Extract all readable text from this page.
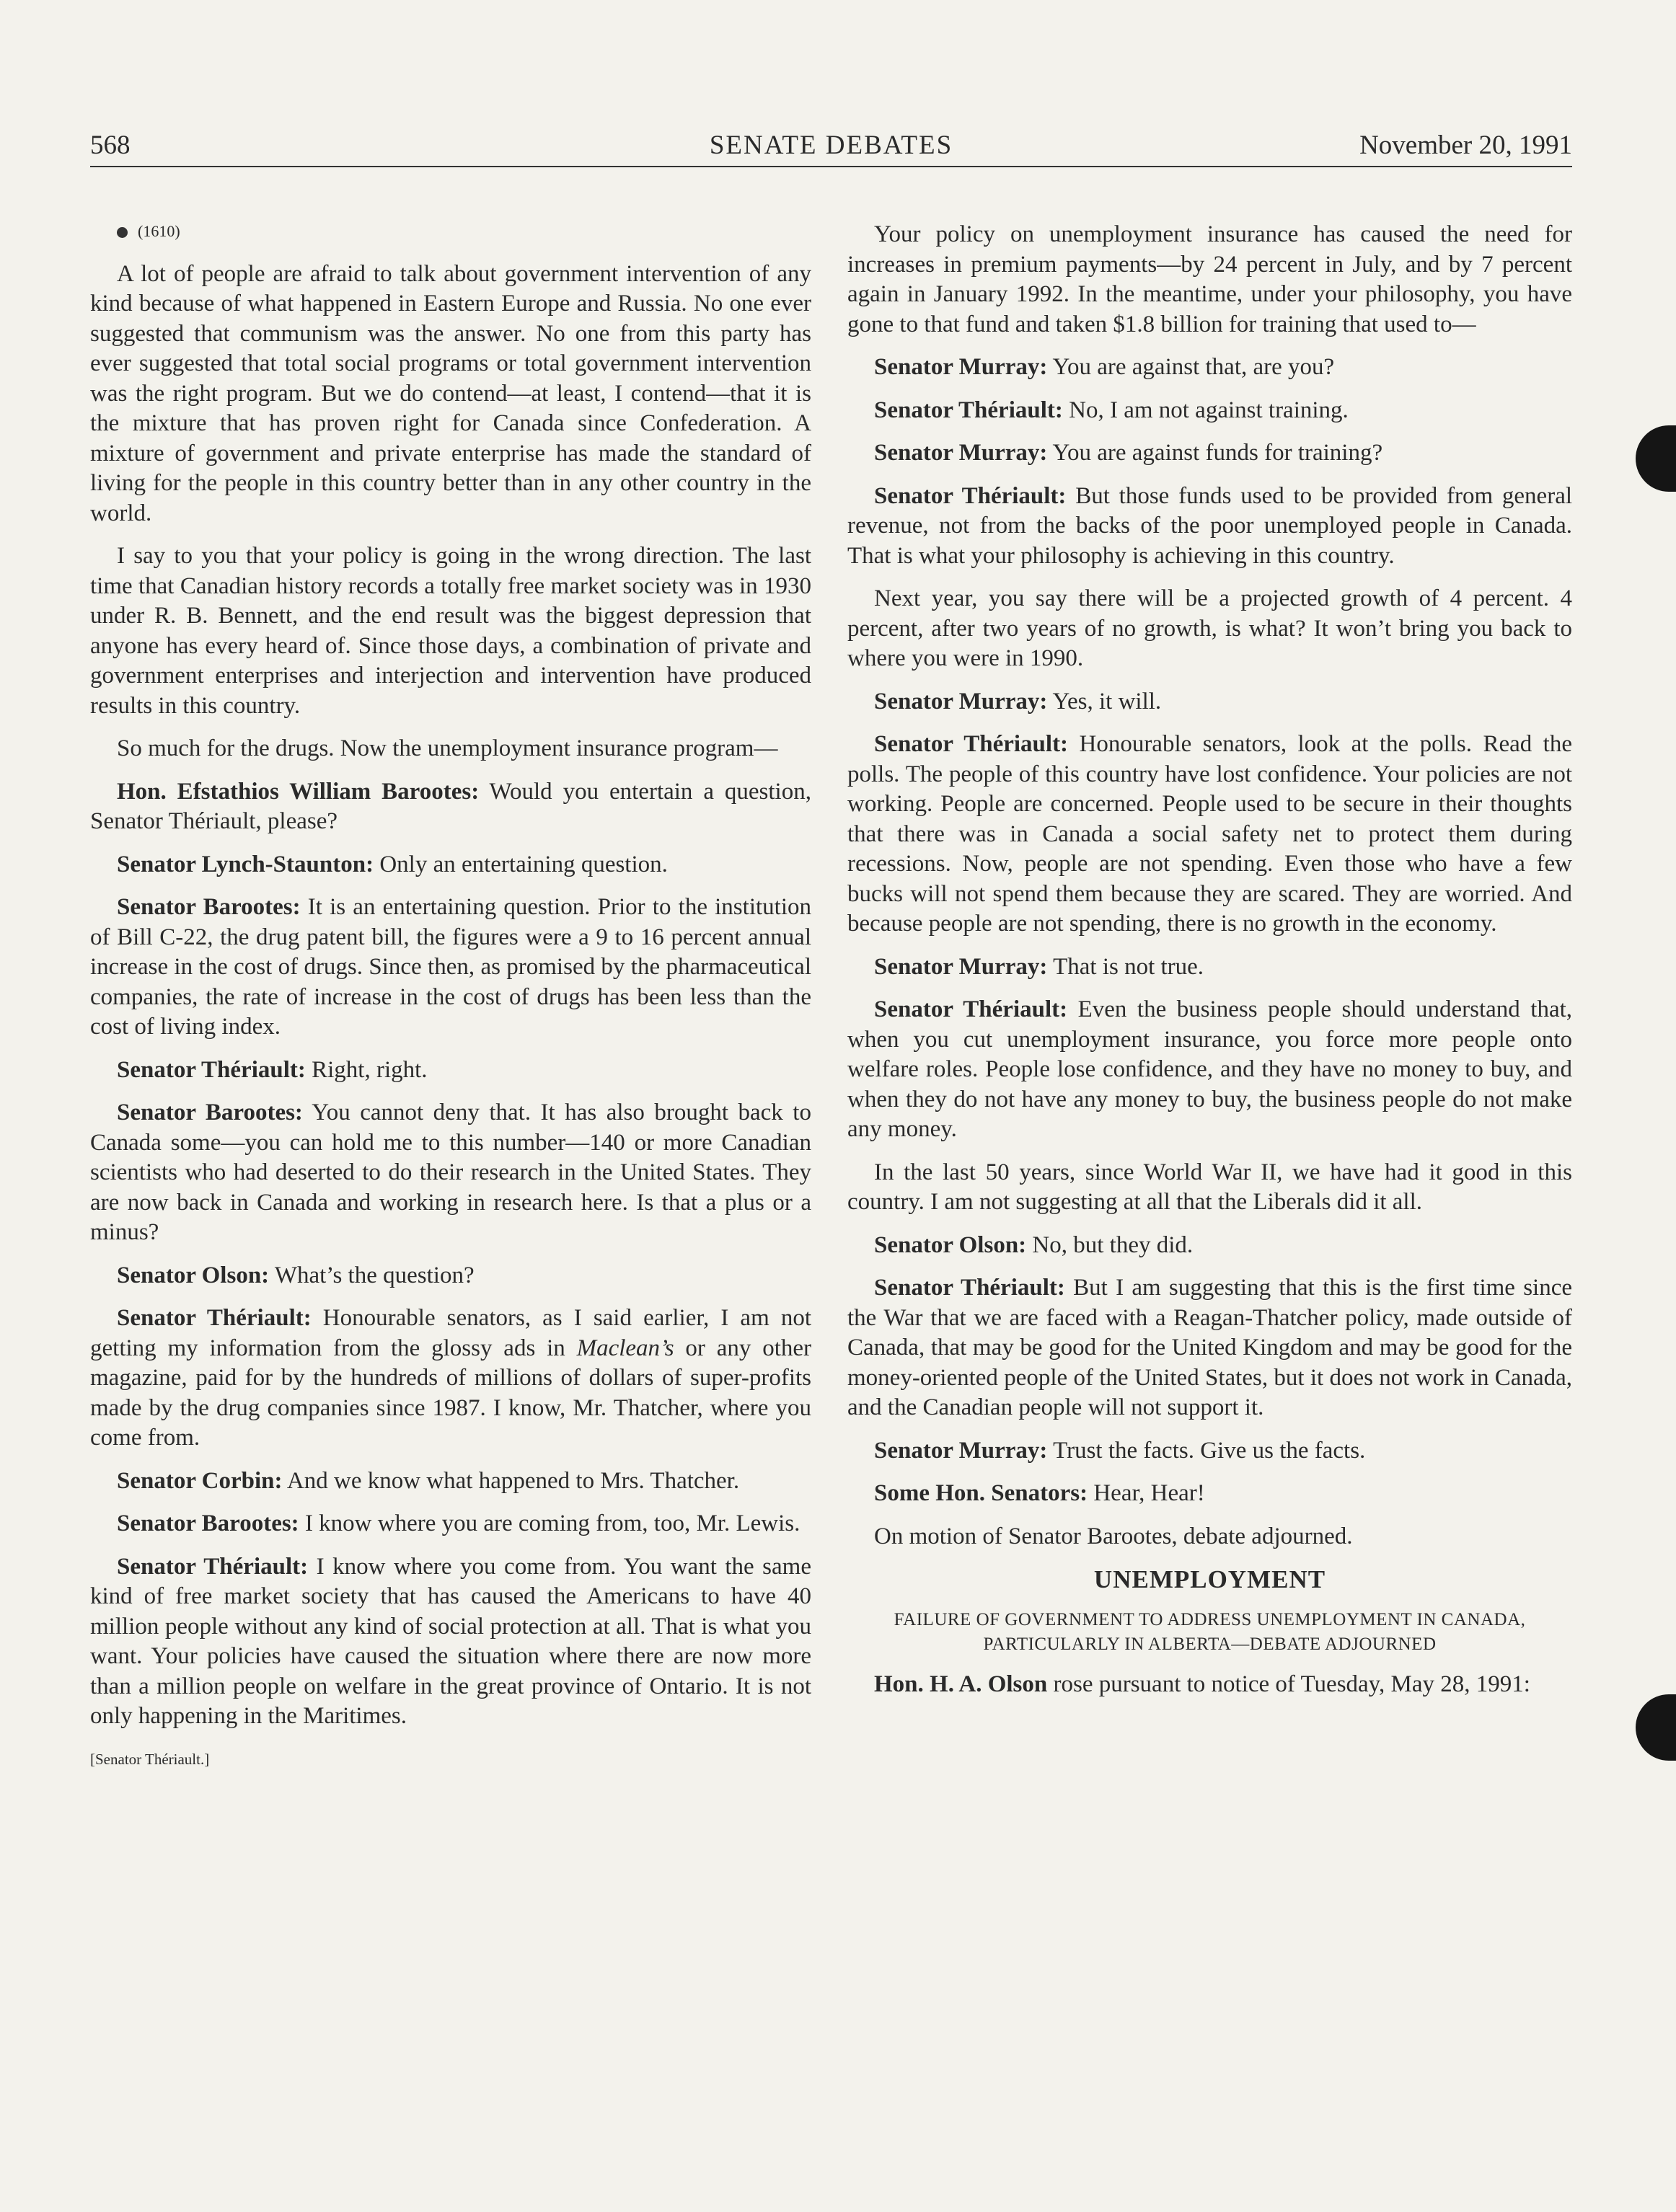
568	SENATE DEBATES	November 20, 1991

(1610)

A lot of people are afraid to talk about government intervention of any kind because of what happened in Eastern Europe and Russia. No one ever suggested that communism was the answer. No one from this party has ever suggested that total social programs or total government intervention was the right program. But we do contend—at least, I contend—that it is the mixture that has proven right for Canada since Confederation. A mixture of government and private enterprise has made the standard of living for the people in this country better than in any other country in the world.

I say to you that your policy is going in the wrong direction. The last time that Canadian history records a totally free market society was in 1930 under R. B. Bennett, and the end result was the biggest depression that anyone has every heard of. Since those days, a combination of private and government enterprises and interjection and intervention have produced results in this country.

So much for the drugs. Now the unemployment insurance program—

Hon. Efstathios William Barootes: Would you entertain a question, Senator Thériault, please?

Senator Lynch-Staunton: Only an entertaining question.

Senator Barootes: It is an entertaining question. Prior to the institution of Bill C-22, the drug patent bill, the figures were a 9 to 16 percent annual increase in the cost of drugs. Since then, as promised by the pharmaceutical companies, the rate of increase in the cost of drugs has been less than the cost of living index.

Senator Thériault: Right, right.

Senator Barootes: You cannot deny that. It has also brought back to Canada some—you can hold me to this number—140 or more Canadian scientists who had deserted to do their research in the United States. They are now back in Canada and working in research here. Is that a plus or a minus?

Senator Olson: What’s the question?

Senator Thériault: Honourable senators, as I said earlier, I am not getting my information from the glossy ads in Maclean’s or any other magazine, paid for by the hundreds of millions of dollars of super-profits made by the drug companies since 1987. I know, Mr. Thatcher, where you come from.

Senator Corbin: And we know what happened to Mrs. Thatcher.

Senator Barootes: I know where you are coming from, too, Mr. Lewis.

Senator Thériault: I know where you come from. You want the same kind of free market society that has caused the Americans to have 40 million people without any kind of social protection at all. That is what you want. Your policies have caused the situation where there are now more than a million people on welfare in the great province of Ontario. It is not only happening in the Maritimes.

[Senator Thériault.]

Your policy on unemployment insurance has caused the need for increases in premium payments—by 24 percent in July, and by 7 percent again in January 1992. In the meantime, under your philosophy, you have gone to that fund and taken $1.8 billion for training that used to—

Senator Murray: You are against that, are you?

Senator Thériault: No, I am not against training.

Senator Murray: You are against funds for training?

Senator Thériault: But those funds used to be provided from general revenue, not from the backs of the poor unemployed people in Canada. That is what your philosophy is achieving in this country.

Next year, you say there will be a projected growth of 4 percent. 4 percent, after two years of no growth, is what? It won’t bring you back to where you were in 1990.

Senator Murray: Yes, it will.

Senator Thériault: Honourable senators, look at the polls. Read the polls. The people of this country have lost confidence. Your policies are not working. People are concerned. People used to be secure in their thoughts that there was in Canada a social safety net to protect them during recessions. Now, people are not spending. Even those who have a few bucks will not spend them because they are scared. They are worried. And because people are not spending, there is no growth in the economy.

Senator Murray: That is not true.

Senator Thériault: Even the business people should understand that, when you cut unemployment insurance, you force more people onto welfare roles. People lose confidence, and they have no money to buy, and when they do not have any money to buy, the business people do not make any money.

In the last 50 years, since World War II, we have had it good in this country. I am not suggesting at all that the Liberals did it all.

Senator Olson: No, but they did.

Senator Thériault: But I am suggesting that this is the first time since the War that we are faced with a Reagan-Thatcher policy, made outside of Canada, that may be good for the United Kingdom and may be good for the money-oriented people of the United States, but it does not work in Canada, and the Canadian people will not support it.

Senator Murray: Trust the facts. Give us the facts.

Some Hon. Senators: Hear, Hear!

On motion of Senator Barootes, debate adjourned.

UNEMPLOYMENT

FAILURE OF GOVERNMENT TO ADDRESS UNEMPLOYMENT IN CANADA, PARTICULARLY IN ALBERTA—DEBATE ADJOURNED

Hon. H. A. Olson rose pursuant to notice of Tuesday, May 28, 1991:
